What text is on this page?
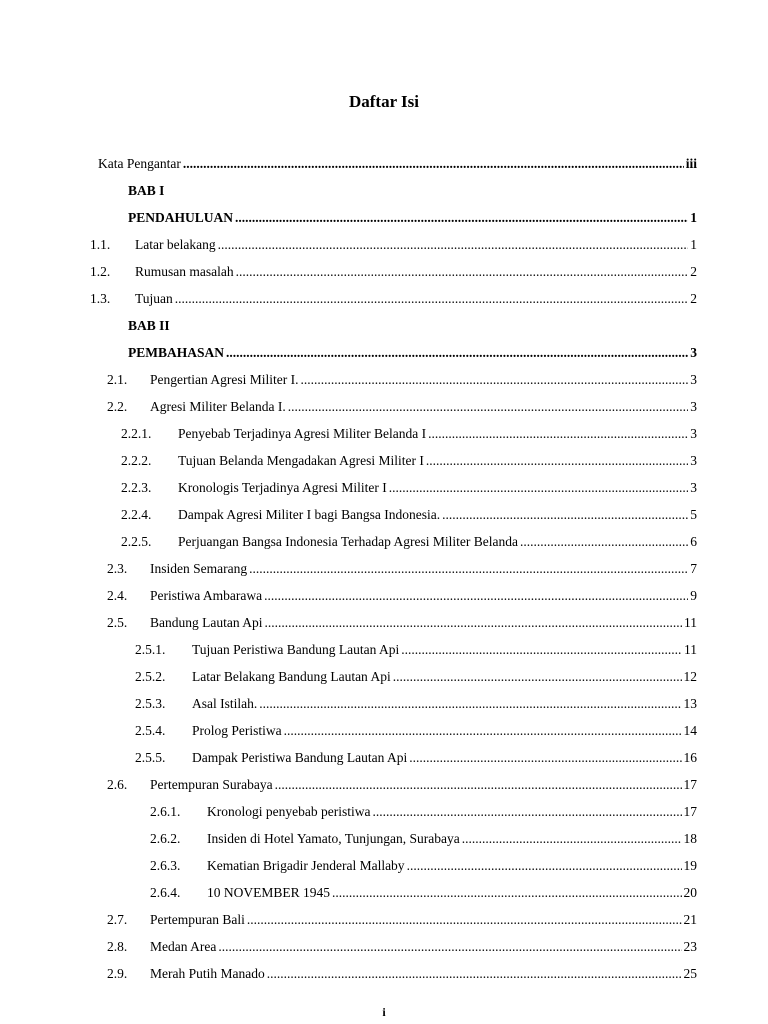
Daftar Isi
Kata Pengantar .....	iii
BAB I
PENDAHULUAN .....	1
1.1. Latar belakang .....	1
1.2. Rumusan masalah .....	2
1.3. Tujuan .....	2
BAB II
PEMBAHASAN .....	3
2.1. Pengertian Agresi Militer I. .....	3
2.2. Agresi Militer Belanda I. .....	3
2.2.1. Penyebab Terjadinya Agresi Militer Belanda I .....	3
2.2.2. Tujuan Belanda Mengadakan Agresi Militer I .....	3
2.2.3. Kronologis Terjadinya Agresi Militer I .....	3
2.2.4. Dampak Agresi Militer I bagi Bangsa Indonesia. .....	5
2.2.5. Perjuangan Bangsa Indonesia Terhadap Agresi Militer Belanda .....	6
2.3. Insiden Semarang .....	7
2.4. Peristiwa Ambarawa .....	9
2.5. Bandung Lautan Api .....	11
2.5.1. Tujuan Peristiwa Bandung Lautan Api .....	11
2.5.2. Latar Belakang Bandung Lautan Api .....	12
2.5.3. Asal Istilah. .....	13
2.5.4. Prolog Peristiwa .....	14
2.5.5. Dampak Peristiwa Bandung Lautan Api .....	16
2.6. Pertempuran Surabaya .....	17
2.6.1. Kronologi penyebab peristiwa .....	17
2.6.2. Insiden di Hotel Yamato, Tunjungan, Surabaya .....	18
2.6.3. Kematian Brigadir Jenderal Mallaby .....	19
2.6.4. 10 NOVEMBER 1945 .....	20
2.7. Pertempuran Bali .....	21
2.8. Medan Area .....	23
2.9. Merah Putih Manado .....	25
i
